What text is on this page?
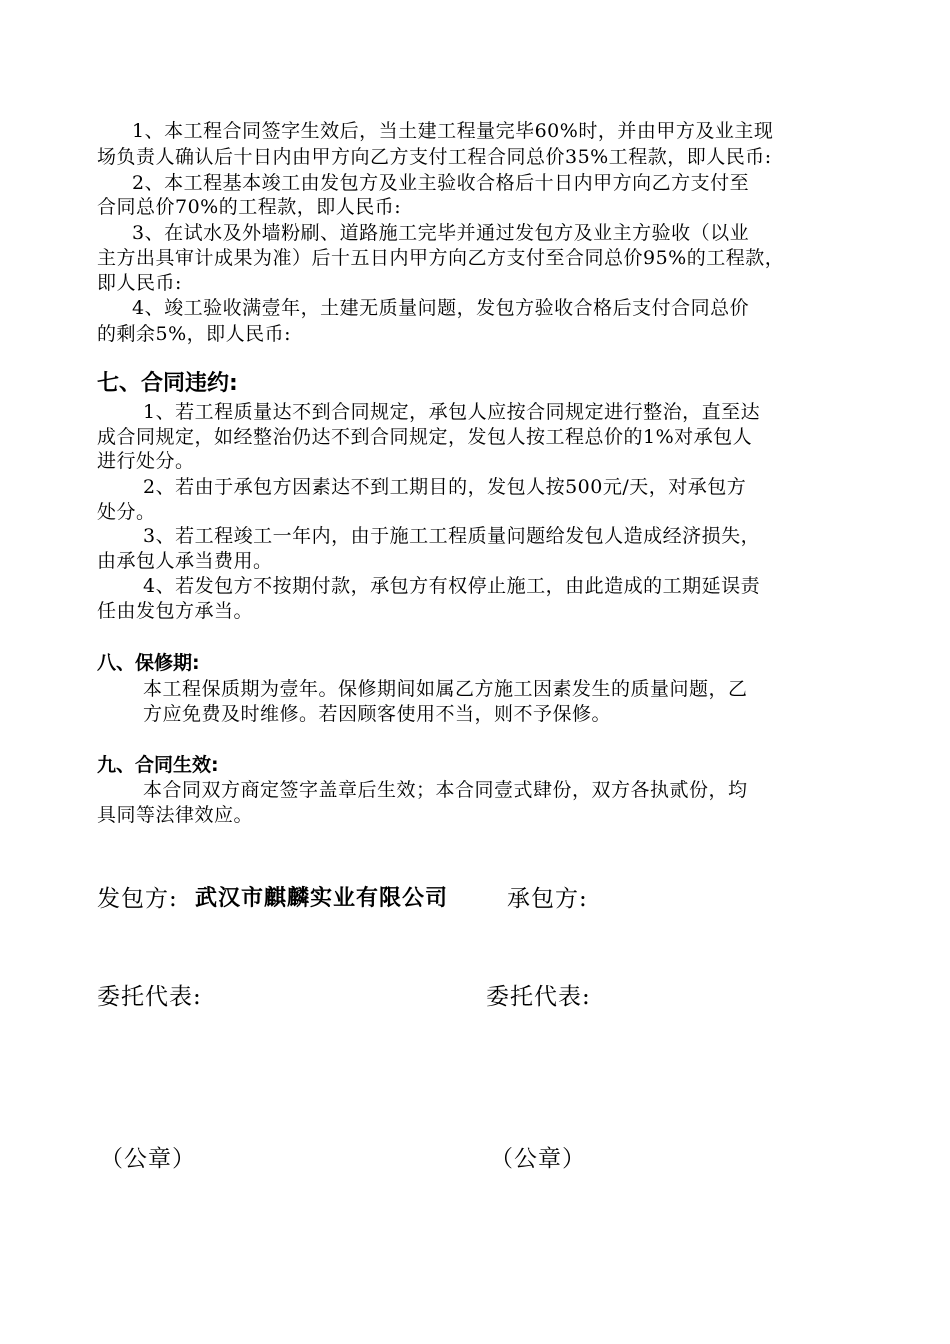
1、本工程合同签字生效后，当土建工程量完毕60%时，并由甲方及业主现
场负责人确认后十日内由甲方向乙方支付工程合同总价35%工程款，即人民币:
2、本工程基本竣工由发包方及业主验收合格后十日内甲方向乙方支付至
合同总价70%的工程款，即人民币:
3、在试水及外墙粉刷、道路施工完毕并通过发包方及业主方验收（以业
主方出具审计成果为准）后十五日内甲方向乙方支付至合同总价95%的工程款，
即人民币:
4、竣工验收满壹年，土建无质量问题，发包方验收合格后支付合同总价
的剩余5%，即人民币:
七、合同违约:
1、若工程质量达不到合同规定，承包人应按合同规定进行整治，直至达
成合同规定，如经整治仍达不到合同规定，发包人按工程总价的1%对承包人
进行处分。
2、若由于承包方因素达不到工期目的，发包人按500元/天，对承包方
处分。
3、若工程竣工一年内，由于施工工程质量问题给发包人造成经济损失，
由承包人承当费用。
4、若发包方不按期付款，承包方有权停止施工，由此造成的工期延误责
任由发包方承当。
八、保修期:
本工程保质期为壹年。保修期间如属乙方施工因素发生的质量问题，乙
方应免费及时维修。若因顾客使用不当，则不予保修。
九、合同生效:
本合同双方商定签字盖章后生效；本合同壹式肆份，双方各执贰份，均
具同等法律效应。
发包方: 武汉市麒麟实业有限公司	承包方:
委托代表:	委托代表:
（公章）	（公章）
